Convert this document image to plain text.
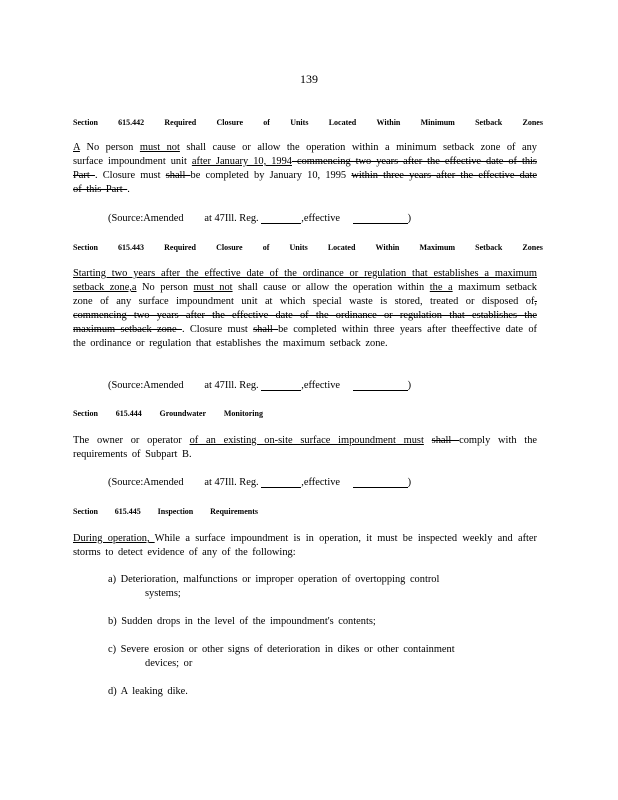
139
Section	615.442	Required	Closure	of	Units	Located	Within	Minimum	Setback	Zones
A No person must not shall cause or allow the operation within a minimum setback zone of any surface impoundment unit after January 10, 1994 commencing two years after the effective date of this Part . Closure must shall be completed by January 10, 1995 within three years after the effective date of this Part .
(Source:Amended at 47Ill. Reg.	,effective	)
Section	615.443	Required	Closure	of	Units	Located	Within	Maximum	Setback	Zones
Starting two years after the effective date of the ordinance or regulation that establishes a maximum setback zone,a No person must not shall cause or allow the operation within the a maximum setback zone of any surface impoundment unit at which special waste is stored, treated or disposed of, commencing two years after the effective date of the ordinance or regulation that establishes the maximum setback zone . Closure must shall be completed within three years after theeffective date of the ordinance or regulation that establishes the maximum setback zone.
(Source:Amended at 47Ill. Reg.	,effective	)
Section 615.444 Groundwater Monitoring
The owner or operator of an existing on-site surface impoundment must shall comply with the requirements of Subpart B.
(Source:Amended at 47Ill. Reg.	,effective	)
Section 615.445 Inspection Requirements
During operation, While a surface impoundment is in operation, it must be inspected weekly and after storms to detect evidence of any of the following:
a) Deterioration, malfunctions or improper operation of overtopping control
systems;
b) Sudden drops in the level of the impoundment's contents;
c) Severe erosion or other signs of deterioration in dikes or other containment
devices; or
d) A leaking dike.
